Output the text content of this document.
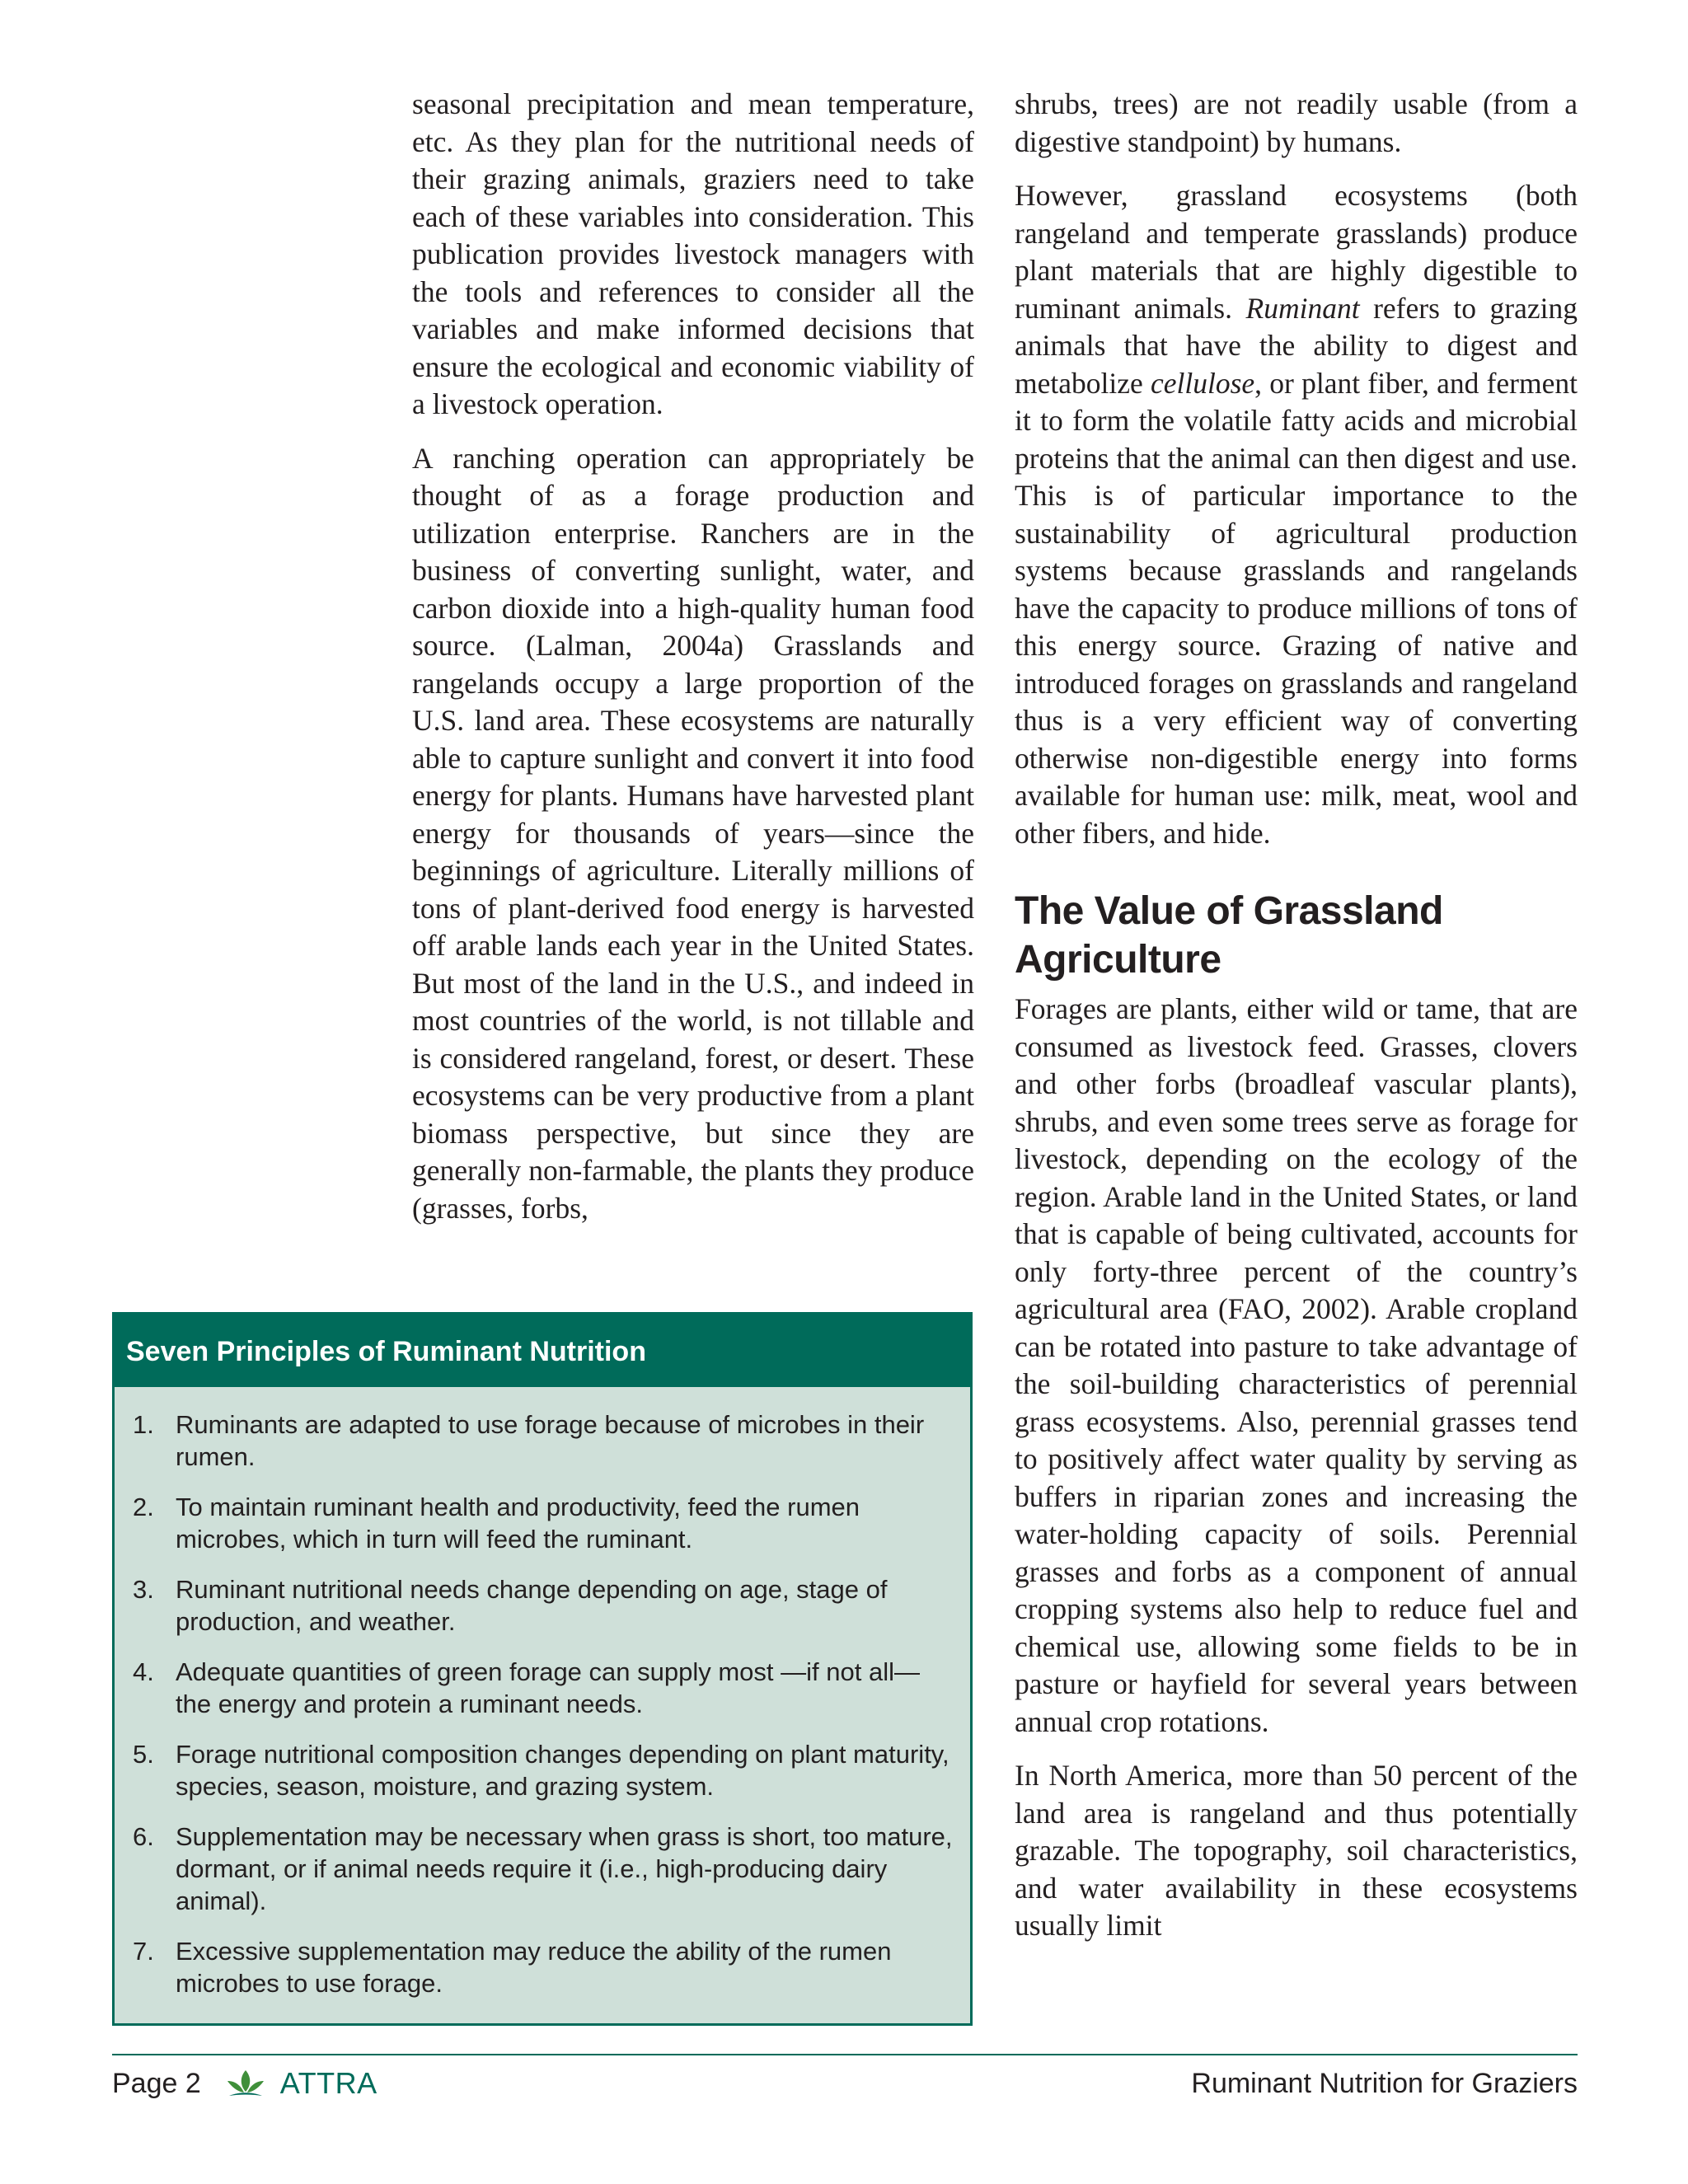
seasonal precipitation and mean temperature, etc. As they plan for the nutritional needs of their grazing animals, graziers need to take each of these variables into consideration. This publication provides livestock managers with the tools and references to consider all the variables and make informed decisions that ensure the ecological and economic viability of a livestock operation.

A ranching operation can appropriately be thought of as a forage production and utilization enterprise. Ranchers are in the business of converting sunlight, water, and carbon dioxide into a high-quality human food source. (Lalman, 2004a) Grasslands and rangelands occupy a large proportion of the U.S. land area. These ecosystems are naturally able to capture sunlight and convert it into food energy for plants. Humans have harvested plant energy for thousands of years—since the beginnings of agriculture. Literally millions of tons of plant-derived food energy is harvested off arable lands each year in the United States. But most of the land in the U.S., and indeed in most countries of the world, is not tillable and is considered rangeland, forest, or desert. These ecosystems can be very productive from a plant biomass perspective, but since they are generally non-farmable, the plants they produce (grasses, forbs,

shrubs, trees) are not readily usable (from a digestive standpoint) by humans.

However, grassland ecosystems (both rangeland and temperate grasslands) produce plant materials that are highly digestible to ruminant animals. Ruminant refers to grazing animals that have the ability to digest and metabolize cellulose, or plant fiber, and ferment it to form the volatile fatty acids and microbial proteins that the animal can then digest and use. This is of particular importance to the sustainability of agricultural production systems because grasslands and rangelands have the capacity to produce millions of tons of this energy source. Grazing of native and introduced forages on grasslands and rangeland thus is a very efficient way of converting otherwise non-digestible energy into forms available for human use: milk, meat, wool and other fibers, and hide.

The Value of Grassland Agriculture

Forages are plants, either wild or tame, that are consumed as livestock feed. Grasses, clovers and other forbs (broadleaf vascular plants), shrubs, and even some trees serve as forage for livestock, depending on the ecology of the region. Arable land in the United States, or land that is capable of being cultivated, accounts for only forty-three percent of the country’s agricultural area (FAO, 2002). Arable cropland can be rotated into pasture to take advantage of the soil-building characteristics of perennial grass ecosystems. Also, perennial grasses tend to positively affect water quality by serving as buffers in riparian zones and increasing the water-holding capacity of soils. Perennial grasses and forbs as a component of annual cropping systems also help to reduce fuel and chemical use, allowing some fields to be in pasture or hayfield for several years between annual crop rotations.

In North America, more than 50 percent of the land area is rangeland and thus potentially grazable. The topography, soil characteristics, and water availability in these ecosystems usually limit

Seven Principles of Ruminant Nutrition
1. Ruminants are adapted to use forage because of microbes in their rumen.
2. To maintain ruminant health and productivity, feed the rumen microbes, which in turn will feed the ruminant.
3. Ruminant nutritional needs change depending on age, stage of production, and weather.
4. Adequate quantities of green forage can supply most —if not all— the energy and protein a ruminant needs.
5. Forage nutritional composition changes depending on plant maturity, species, season, moisture, and grazing system.
6. Supplementation may be necessary when grass is short, too mature, dormant, or if animal needs require it (i.e., high-producing dairy animal).
7. Excessive supplementation may reduce the ability of the rumen microbes to use forage.
Page 2	ATTRA	Ruminant Nutrition for Graziers
